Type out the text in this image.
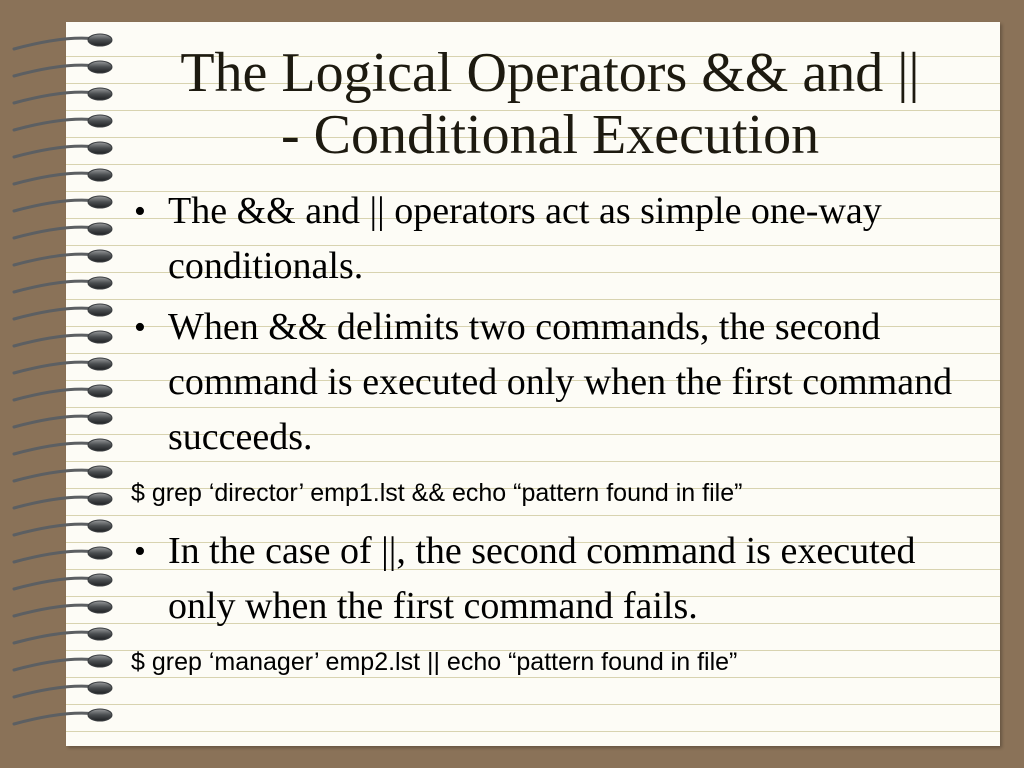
The Logical Operators && and ||
- Conditional Execution
• The && and || operators act as simple one-way conditionals.
• When && delimits two commands, the second command is executed only when the first command succeeds.
$ grep ‘director’ emp1.lst && echo “pattern found in file”
• In the case of ||, the second command is executed only when the first command fails.
$ grep ‘manager’ emp2.lst || echo “pattern found in file”
